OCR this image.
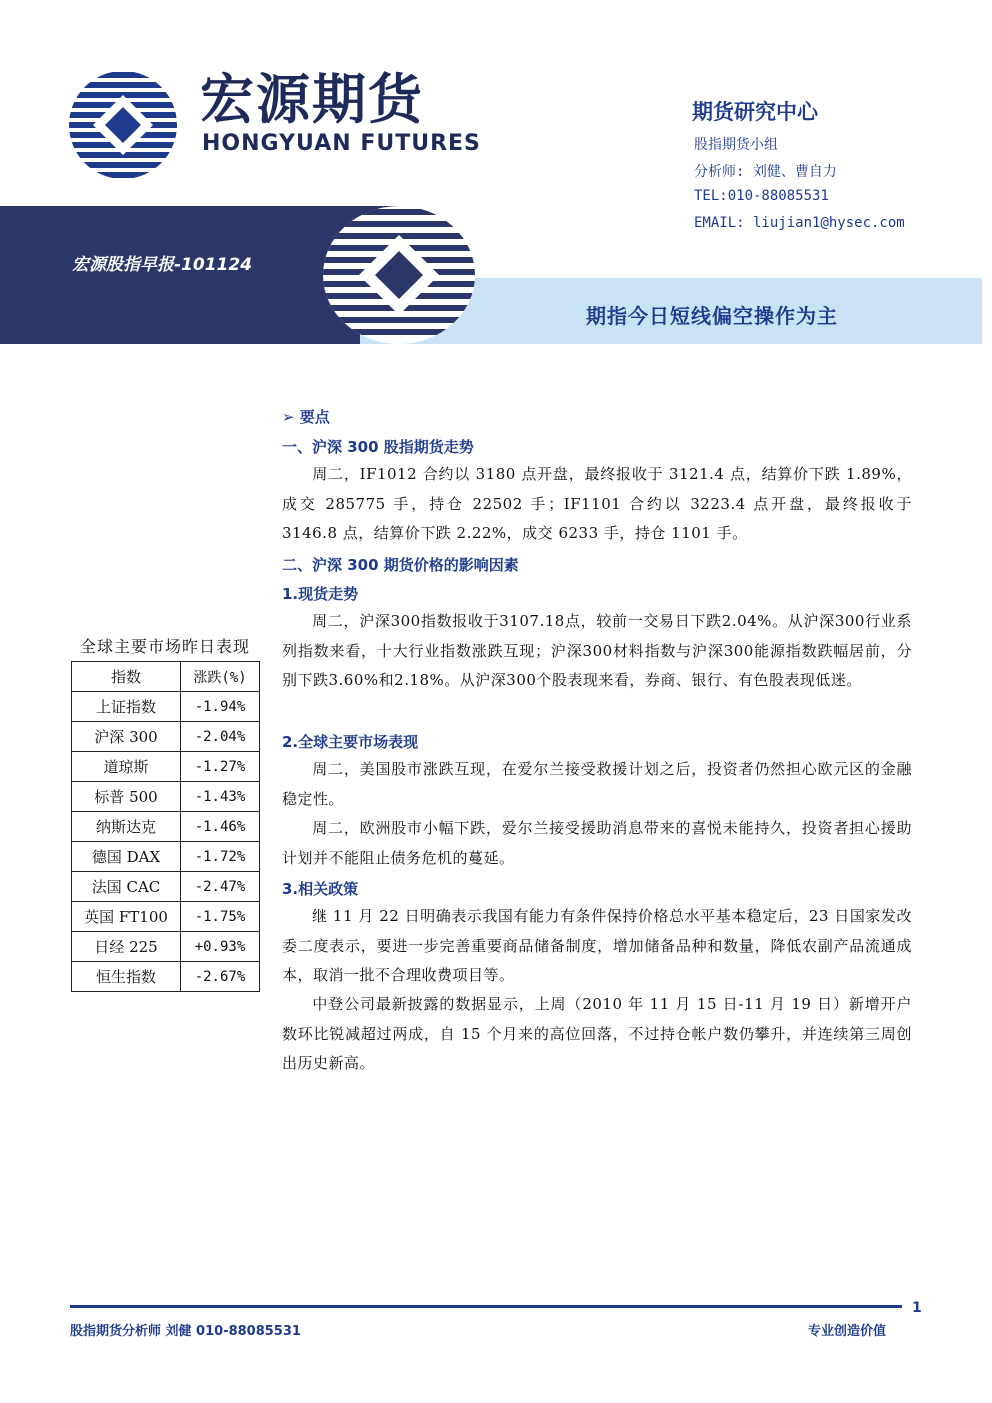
宏源期货
HONGYUAN FUTURES
期货研究中心
股指期货小组
分析师: 刘健、曹自力
TEL:010-88085531
EMAIL: liujian1@hysec.com
宏源股指早报-101124
期指今日短线偏空操作为主
➢ 要点
一、沪深 300 股指期货走势
周二，IF1012 合约以 3180 点开盘，最终报收于 3121.4 点，结算价下跌 1.89%，成交 285775 手，持仓 22502 手；IF1101 合约以 3223.4 点开盘，最终报收于 3146.8 点，结算价下跌 2.22%，成交 6233 手，持仓 1101 手。
二、沪深 300 期货价格的影响因素
1.现货走势
周二，沪深300指数报收于3107.18点，较前一交易日下跌2.04%。从沪深300行业系列指数来看，十大行业指数涨跌互现；沪深300材料指数与沪深300能源指数跌幅居前，分别下跌3.60%和2.18%。从沪深300个股表现来看，券商、银行、有色股表现低迷。
2.全球主要市场表现
周二，美国股市涨跌互现，在爱尔兰接受救援计划之后，投资者仍然担心欧元区的金融稳定性。
周二，欧洲股市小幅下跌，爱尔兰接受援助消息带来的喜悦未能持久，投资者担心援助计划并不能阻止债务危机的蔓延。
3.相关政策
继 11 月 22 日明确表示我国有能力有条件保持价格总水平基本稳定后，23 日国家发改委二度表示，要进一步完善重要商品储备制度，增加储备品种和数量，降低农副产品流通成本，取消一批不合理收费项目等。
中登公司最新披露的数据显示，上周（2010 年 11 月 15 日-11 月 19 日）新增开户数环比锐减超过两成，自 15 个月来的高位回落，不过持仓帐户数仍攀升，并连续第三周创出历史新高。
全球主要市场昨日表现
指数	涨跌(%)
上证指数	-1.94%
沪深 300	-2.04%
道琼斯	-1.27%
标普 500	-1.43%
纳斯达克	-1.46%
德国 DAX	-1.72%
法国 CAC	-2.47%
英国 FT100	-1.75%
日经 225	+0.93%
恒生指数	-2.67%
1
股指期货分析师 刘健 010-88085531	专业创造价值
